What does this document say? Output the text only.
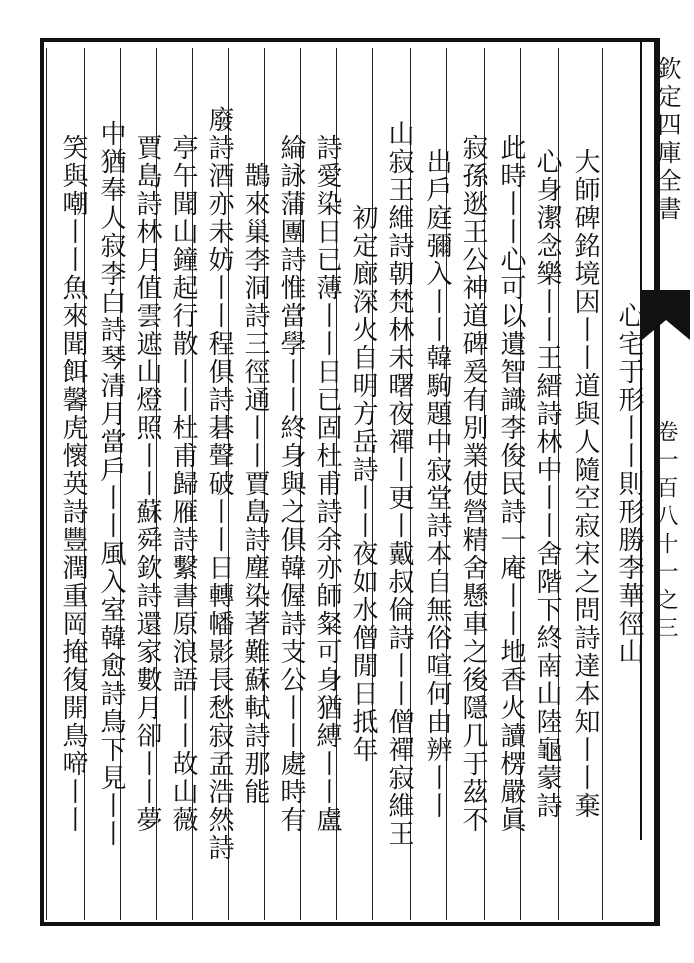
欽定四庫全書
卷一百八十一之三
心宅于形丨丨則形勝李華徑山
大師碑銘境因丨丨道與人隨空寂宋之問詩達本知丨丨棄
心身潔念樂丨丨王縉詩林中丨丨舍階下終南山陸龜蒙詩
此時丨丨心可以遺智識李俊民詩一庵丨丨地香火讀楞嚴眞
寂孫逖王公神道碑爰有別業使營精舍懸車之後隱几于茲不
出戶庭彌入丨丨韓駒題中寂堂詩本自無俗喧何由辨丨丨
山寂王維詩朝梵林未曙夜禪丨更丨戴叔倫詩丨丨僧禪寂維王
初定廊深火自明方岳詩丨丨夜如水僧閒日抵年
詩愛染日已薄丨丨日已固杜甫詩余亦師粲可身猶縛丨丨盧
綸詠蒲團詩惟當學丨丨終身與之俱韓偓詩支公丨丨處時有
鵲來巢李洞詩三徑通丨丨賈島詩塵染著難蘇軾詩那能
廢詩酒亦未妨丨丨程俱詩碁聲破丨丨日轉幡影長愁寂孟浩然詩
亭午聞山鐘起行散丨丨杜甫歸雁詩繫書原浪語丨丨故山薇
賈島詩林月值雲遮山燈照丨丨蘇舜欽詩還家數月卻丨丨夢
中猶奉人寂李白詩琴清月當戶丨丨風入室韓愈詩鳥下見丨丨
笑與嘲丨丨魚來聞餌馨虎懷英詩豐潤重岡掩復開鳥啼丨丨
